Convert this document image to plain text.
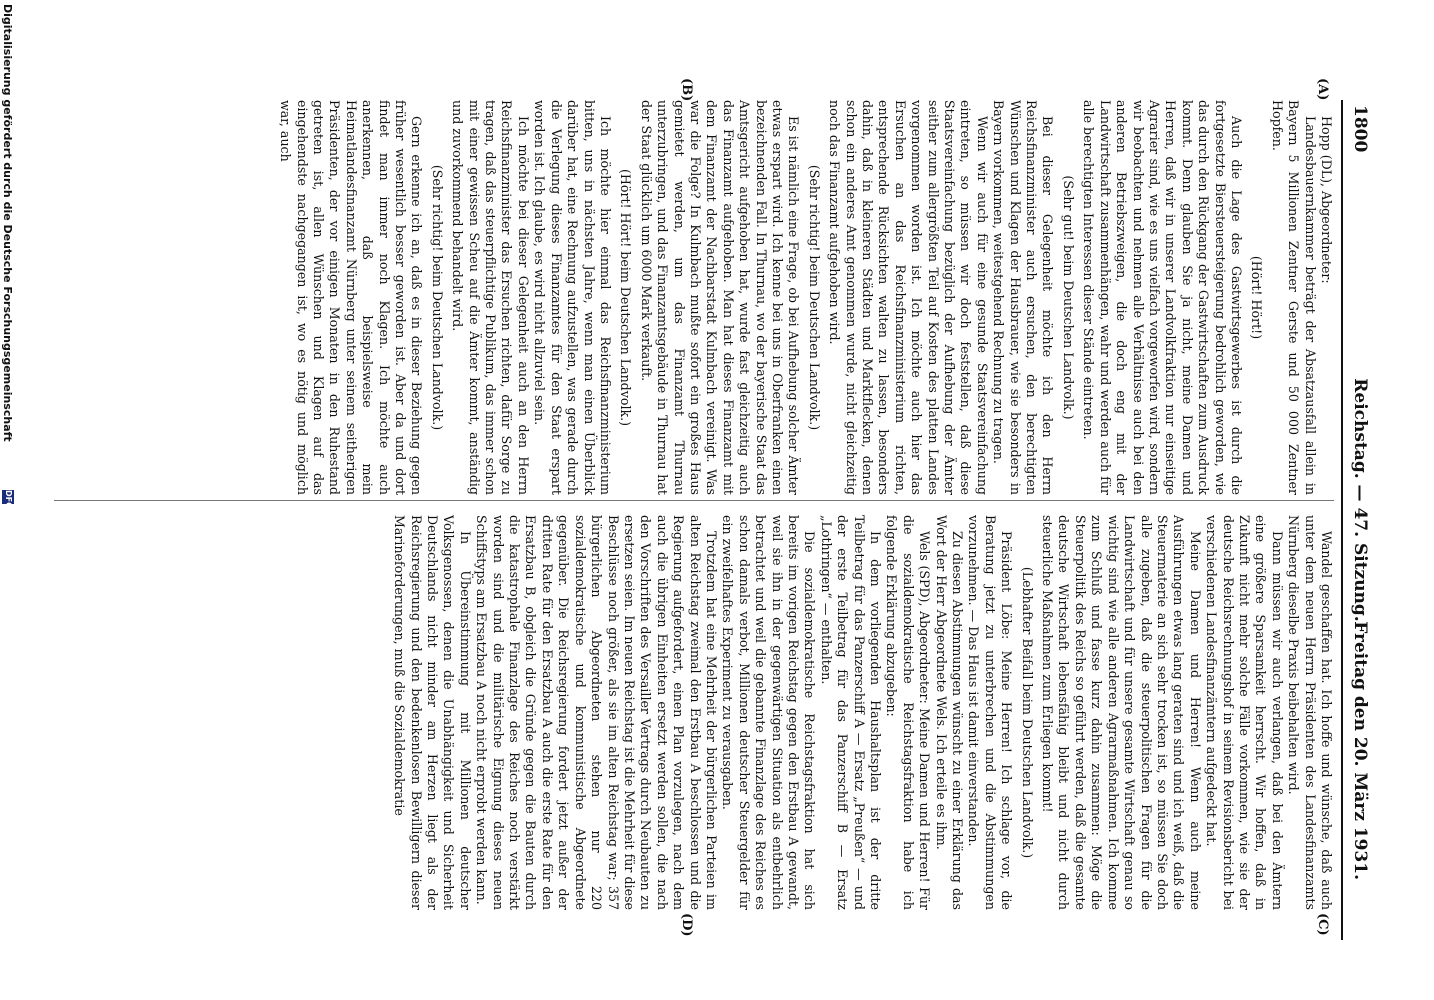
1800
Reichstag. — 47. Sitzung.
Freitag den 20. März 1931.
(A)
(B)
(C)
(D)

Hopp (DL), Abgeordneter:

Landesbauernkammer beträgt der Absatzausfall allein in Bayern 5 Millionen Zentner Gerste und 50 000 Zentner Hopfen.

(Hört! Hört!)

Auch die Lage des Gastwirtsgewerbes ist durch die fortgesetzte Biersteuersteigerung bedrohlich geworden, wie das durch den Rückgang der Gastwirtschaften zum Ausdruck kommt. Denn glauben Sie ja nicht, meine Damen und Herren, daß wir in unserer Landvolkfraktion nur einseitige Agrarier sind, wie es uns vielfach vorgeworfen wird, sondern wir beobachten und nehmen alle Verhältnisse auch bei den anderen Betriebszweigen, die doch eng mit der Landwirtschaft zusammenhängen, wahr und werden auch für alle berechtigten Interessen dieser Stände eintreten.

(Sehr gut! beim Deutschen Landvolk.)

Bei dieser Gelegenheit möchte ich den Herrn Reichsfinanzminister auch ersuchen, den berechtigten Wünschen und Klagen der Hausbrauer, wie sie besonders in Bayern vorkommen, weitestgehend Rechnung zu tragen.

Wenn wir auch für eine gesunde Staatsvereinfachung eintreten, so müssen wir doch feststellen, daß diese Staatsvereinfachung bezüglich der Aufhebung der Ämter seither zum allergrößten Teil auf Kosten des platten Landes vorgenommen worden ist. Ich möchte auch hier das Ersuchen an das Reichsfinanzministerium richten, entsprechende Rücksichten walten zu lassen, besonders dahin, daß in kleineren Städten und Marktflecken, denen schon ein anderes Amt genommen wurde, nicht gleichzeitig noch das Finanzamt aufgehoben wird.

(Sehr richtig! beim Deutschen Landvolk.)

Es ist nämlich eine Frage, ob bei Aufhebung solcher Ämter etwas erspart wird. Ich kenne bei uns in Oberfranken einen bezeichnenden Fall. In Thurnau, wo der bayerische Staat das Amtsgericht aufgehoben hat, wurde fast gleichzeitig auch das Finanzamt aufgehoben. Man hat dieses Finanzamt mit dem Finanzamt der Nachbarstadt Kulmbach vereinigt. Was war die Folge? In Kulmbach mußte sofort ein großes Haus gemietet werden, um das Finanzamt Thurnau unterzubringen, und das Finanzamtsgebäude in Thurnau hat der Staat glücklich um 6000 Mark verkauft.

(Hört! Hört! beim Deutschen Landvolk.)

Ich möchte hier einmal das Reichsfinanzministerium bitten, uns in nächsten Jahre, wenn man einen Überblick darüber hat, eine Rechnung aufzustellen, was gerade durch die Verlegung dieses Finanzamtes für den Staat erspart worden ist. Ich glaube, es wird nicht allzuviel sein.

Ich möchte bei dieser Gelegenheit auch an den Herrn Reichsfinanzminister das Ersuchen richten, dafür Sorge zu tragen, daß das steuerpflichtige Publikum, das immer schon mit einer gewissen Scheu auf die Ämter kommt, anständig und zuvorkommend behandelt wird.

(Sehr richtig! beim Deutschen Landvolk.)

Gern erkenne ich an, daß es in dieser Beziehung gegen früher wesentlich besser geworden ist. Aber da und dort findet man immer noch Klagen. Ich möchte auch anerkennen, daß beispielsweise mein Heimatlandesfinanzamt Nürnberg unter seinem seitherigen Präsidenten, der vor einigen Monaten in den Ruhestand getreten ist, allen Wünschen und Klagen auf das eingehendste nachgegangen ist, wo es nötig und möglich war, auch

Wandel geschaffen hat. Ich hoffe und wünsche, daß auch unter dem neuen Herrn Präsidenten des Landesfinanzamts Nürnberg dieselbe Praxis beibehalten wird.

Dann müssen wir auch verlangen, daß bei den Ämtern eine größere Sparsamkeit herrscht. Wir hoffen, daß in Zukunft nicht mehr solche Fälle vorkommen, wie sie der deutsche Reichsrechnungshof in seinem Revisionsbericht bei verschiedenen Landesfinanzämtern aufgedeckt hat.

Meine Damen und Herren! Wenn auch meine Ausführungen etwas lang geraten sind und ich weiß, daß die Steuermaterie an sich sehr trocken ist, so müssen Sie doch alle zugeben, daß die steuerpolitischen Fragen für die Landwirtschaft und für unsere gesamte Wirtschaft genau so wichtig sind wie alle anderen Agrarmaßnahmen. Ich komme zum Schluß und fasse kurz dahin zusammen: Möge die Steuerpolitik des Reichs so geführt werden, daß die gesamte deutsche Wirtschaft lebensfähig bleibt und nicht durch steuerliche Maßnahmen zum Erliegen kommt!

(Lebhafter Beifall beim Deutschen Landvolk.)

Präsident Löbe: Meine Herren! Ich schlage vor, die Beratung jetzt zu unterbrechen und die Abstimmungen vorzunehmen. — Das Haus ist damit einverstanden.

Zu diesen Abstimmungen wünscht zu einer Erklärung das Wort der Herr Abgeordnete Wels. Ich erteile es ihm.

Wels (SPD), Abgeordneter: Meine Damen und Herren! Für die sozialdemokratische Reichstagsfraktion habe ich folgende Erklärung abzugeben:

In dem vorliegenden Haushaltsplan ist der dritte Teilbetrag für das Panzerschiff A — Ersatz „Preußen“ — und der erste Teilbetrag für das Panzerschiff B — Ersatz „Lothringen“ — enthalten.

Die sozialdemokratische Reichstagsfraktion hat sich bereits im vorigen Reichstag gegen den Erstbau A gewandt, weil sie ihn in der gegenwärtigen Situation als entbehrlich betrachtet und weil die gebannte Finanzlage des Reiches es schon damals verbot, Millionen deutscher Steuergelder für ein zweifelhaftes Experiment zu verausgaben.

Trotzdem hat eine Mehrheit der bürgerlichen Parteien im alten Reichstag zweimal den Erstbau A beschlossen und die Regierung aufgefordert, einen Plan vorzulegen, nach dem auch die übrigen Einheiten ersetzt werden sollen, die nach den Vorschriften des Versailler Vertrags durch Neubauten zu ersetzen seien. Im neuen Reichstag ist die Mehrheit für diese Beschlüsse noch größer, als sie im alten Reichstag war; 357 bürgerlichen Abgeordneten stehen nur 220 sozialdemokratische und kommunistische Abgeordnete gegenüber. Die Reichsregierung fordert jetzt außer der dritten Rate für den Ersatzbau A auch die erste Rate für den Ersatzbau B, obgleich die Gründe gegen die Bauten durch die katastrophale Finanzlage des Reiches noch verstärkt worden sind und die militärische Eignung dieses neuen Schiffstyps am Ersatzbau A noch nicht erprobt werden kann.

In Übereinstimmung mit Millionen deutscher Volksgenossen, denen die Unabhängigkeit und Sicherheit Deutschlands nicht minder am Herzen liegt als der Reichsregierung und den bedenkenlosen Bewilligern dieser Marineforderungen, muß die Sozialdemokratie

Digitalisierung gefördert durch die Deutsche Forschungsgemeinschaft
DFG
